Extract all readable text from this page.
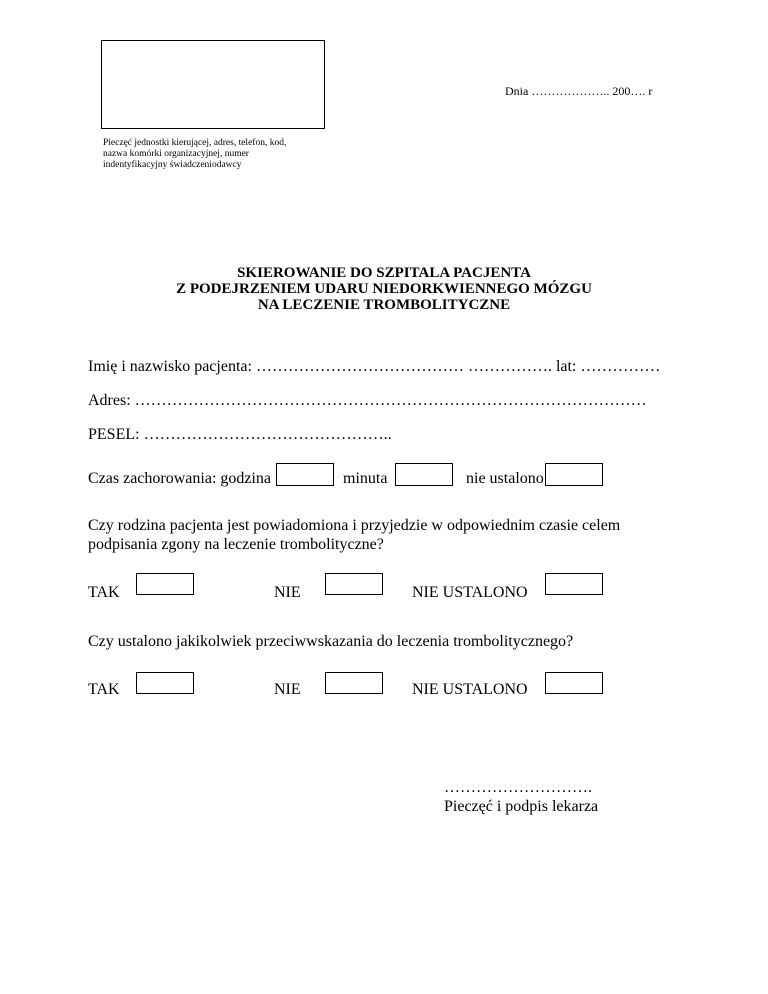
Pieczęć jednostki kierującej, adres, telefon, kod,
nazwa komórki organizacyjnej, numer
indentyfikacyjny świadczeniodawcy
Dnia ……………….. 200…. r
SKIEROWANIE DO SZPITALA PACJENTA
Z PODEJRZENIEM UDARU NIEDORKWIENNEGO MÓZGU
NA LECZENIE TROMBOLITYCZNE
Imię i nazwisko pacjenta: ………………………………… ……………. lat: ……………
Adres: ……………………………………………………………………………………
PESEL: ………………………………………..
Czas zachorowania: godzina	minuta	nie ustalono
Czy rodzina pacjenta jest powiadomiona i przyjedzie w odpowiednim czasie celem
podpisania zgony na leczenie trombolityczne?
TAK	NIE	NIE USTALONO
Czy ustalono jakikolwiek przeciwwskazania do leczenia trombolitycznego?
TAK	NIE	NIE USTALONO
……………………….
Pieczęć i podpis lekarza
